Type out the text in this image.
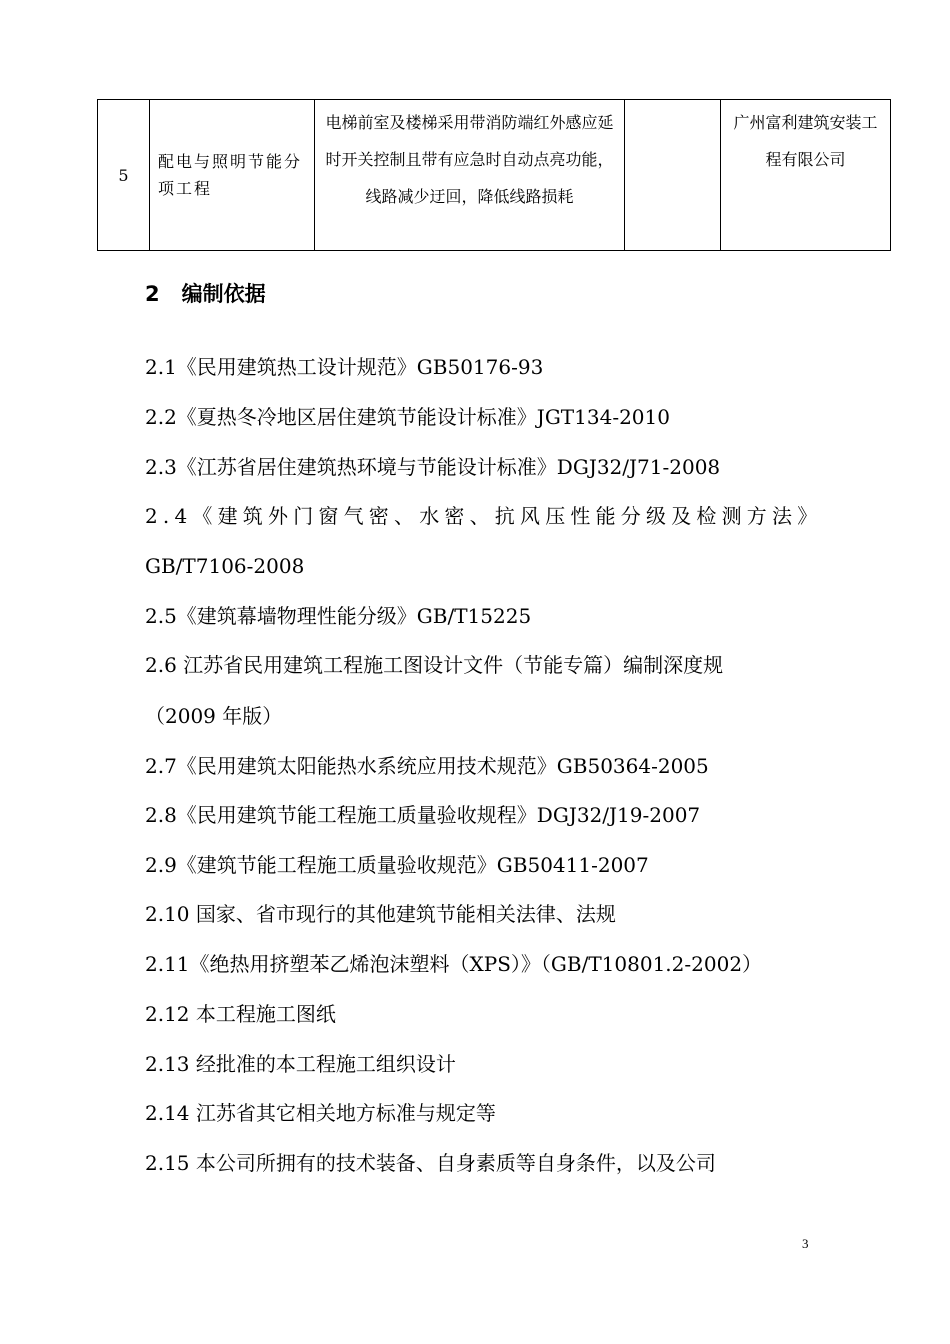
5	配电与照明节能分项工程	电梯前室及楼梯采用带消防端红外感应延时开关控制且带有应急时自动点亮功能，线路减少迂回，降低线路损耗		广州富利建筑安装工程有限公司
2 编制依据
2.1《民用建筑热工设计规范》GB50176-93
2.2《夏热冬冷地区居住建筑节能设计标准》JGT134-2010
2.3《江苏省居住建筑热环境与节能设计标准》DGJ32/J71-2008
2.4《建筑外门窗气密、水密、抗风压性能分级及检测方法》
GB/T7106-2008
2.5《建筑幕墙物理性能分级》GB/T15225
2.6 江苏省民用建筑工程施工图设计文件（节能专篇）编制深度规
（2009 年版）
2.7《民用建筑太阳能热水系统应用技术规范》GB50364-2005
2.8《民用建筑节能工程施工质量验收规程》DGJ32/J19-2007
2.9《建筑节能工程施工质量验收规范》GB50411-2007
2.10 国家、省市现行的其他建筑节能相关法律、法规
2.11《绝热用挤塑苯乙烯泡沫塑料（XPS）》（GB/T10801.2-2002）
2.12 本工程施工图纸
2.13 经批准的本工程施工组织设计
2.14 江苏省其它相关地方标准与规定等
2.15 本公司所拥有的技术装备、自身素质等自身条件，以及公司
3
